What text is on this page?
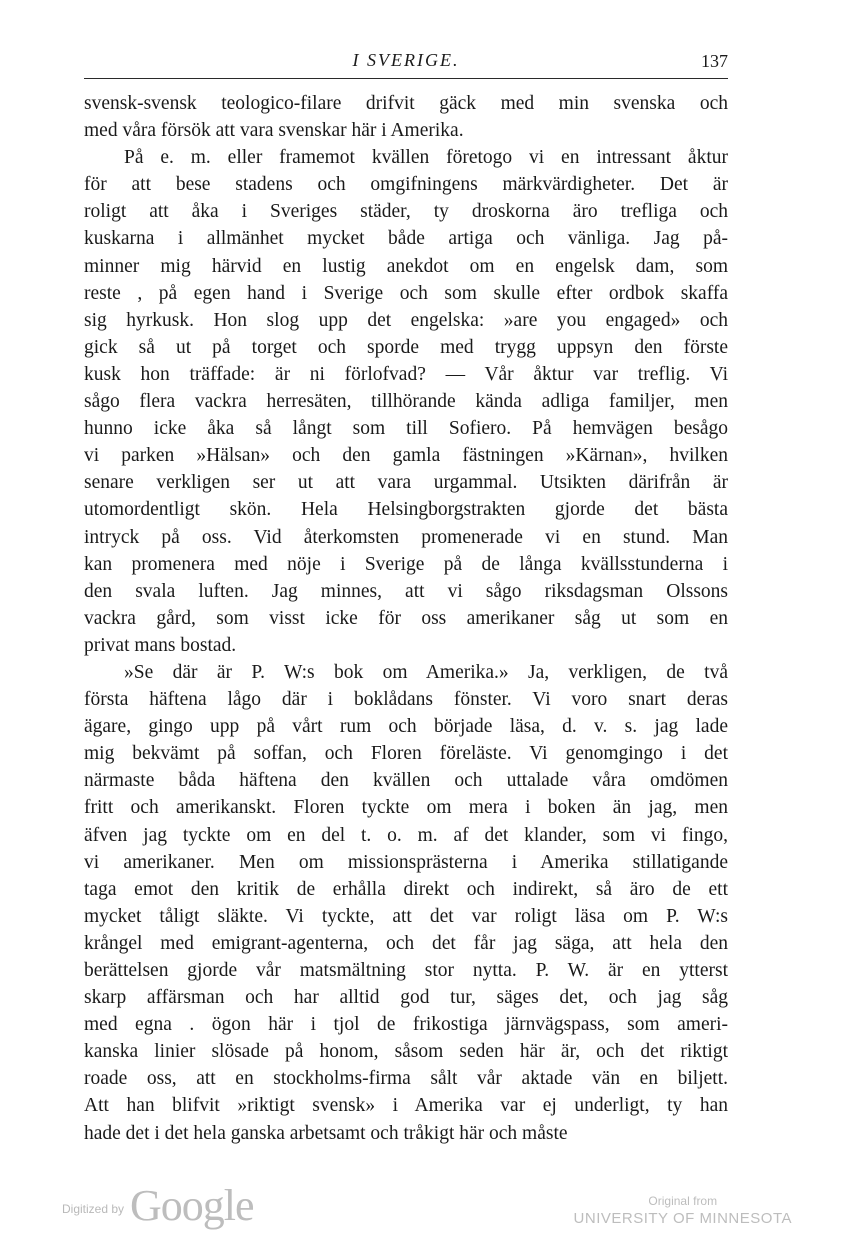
I SVERIGE.	137
svensk-svensk teologico-filare drifvit gäck med min svenska och
med våra försök att vara svenskar här i Amerika.
På e. m. eller framemot kvällen företogo vi en intressant åktur
för att bese stadens och omgifningens märkvärdigheter. Det är
roligt att åka i Sveriges städer, ty droskorna äro trefliga och
kuskarna i allmänhet mycket både artiga och vänliga. Jag på-
minner mig härvid en lustig anekdot om en engelsk dam, som
reste , på egen hand i Sverige och som skulle efter ordbok skaffa
sig hyrkusk. Hon slog upp det engelska: »are you engaged» och
gick så ut på torget och sporde med trygg uppsyn den förste
kusk hon träffade: är ni förlofvad? — Vår åktur var treflig. Vi
sågo flera vackra herresäten, tillhörande kända adliga familjer, men
hunno icke åka så långt som till Sofiero. På hemvägen besågo
vi parken »Hälsan» och den gamla fästningen »Kärnan», hvilken
senare verkligen ser ut att vara urgammal. Utsikten därifrån är
utomordentligt skön. Hela Helsingborgstrakten gjorde det bästa
intryck på oss. Vid återkomsten promenerade vi en stund. Man
kan promenera med nöje i Sverige på de långa kvällsstunderna i
den svala luften. Jag minnes, att vi sågo riksdagsman Olssons
vackra gård, som visst icke för oss amerikaner såg ut som en
privat mans bostad.
»Se där är P. W:s bok om Amerika.» Ja, verkligen, de två
första häftena lågo där i boklådans fönster. Vi voro snart deras
ägare, gingo upp på vårt rum och började läsa, d. v. s. jag lade
mig bekvämt på soffan, och Floren föreläste. Vi genomgingo i det
närmaste båda häftena den kvällen och uttalade våra omdömen
fritt och amerikanskt. Floren tyckte om mera i boken än jag, men
äfven jag tyckte om en del t. o. m. af det klander, som vi fingo,
vi amerikaner. Men om missionsprästerna i Amerika stillatigande
taga emot den kritik de erhålla direkt och indirekt, så äro de ett
mycket tåligt släkte. Vi tyckte, att det var roligt läsa om P. W:s
krångel med emigrant-agenterna, och det får jag säga, att hela den
berättelsen gjorde vår matsmältning stor nytta. P. W. är en ytterst
skarp affärsman och har alltid god tur, säges det, och jag såg
med egna . ögon här i tjol de frikostiga järnvägspass, som ameri-
kanska linier slösade på honom, såsom seden här är, och det riktigt
roade oss, att en stockholms-firma sålt vår aktade vän en biljett.
Att han blifvit »riktigt svensk» i Amerika var ej underligt, ty han
hade det i det hela ganska arbetsamt och tråkigt här och måste
Digitized by Google	Original from
UNIVERSITY OF MINNESOTA
